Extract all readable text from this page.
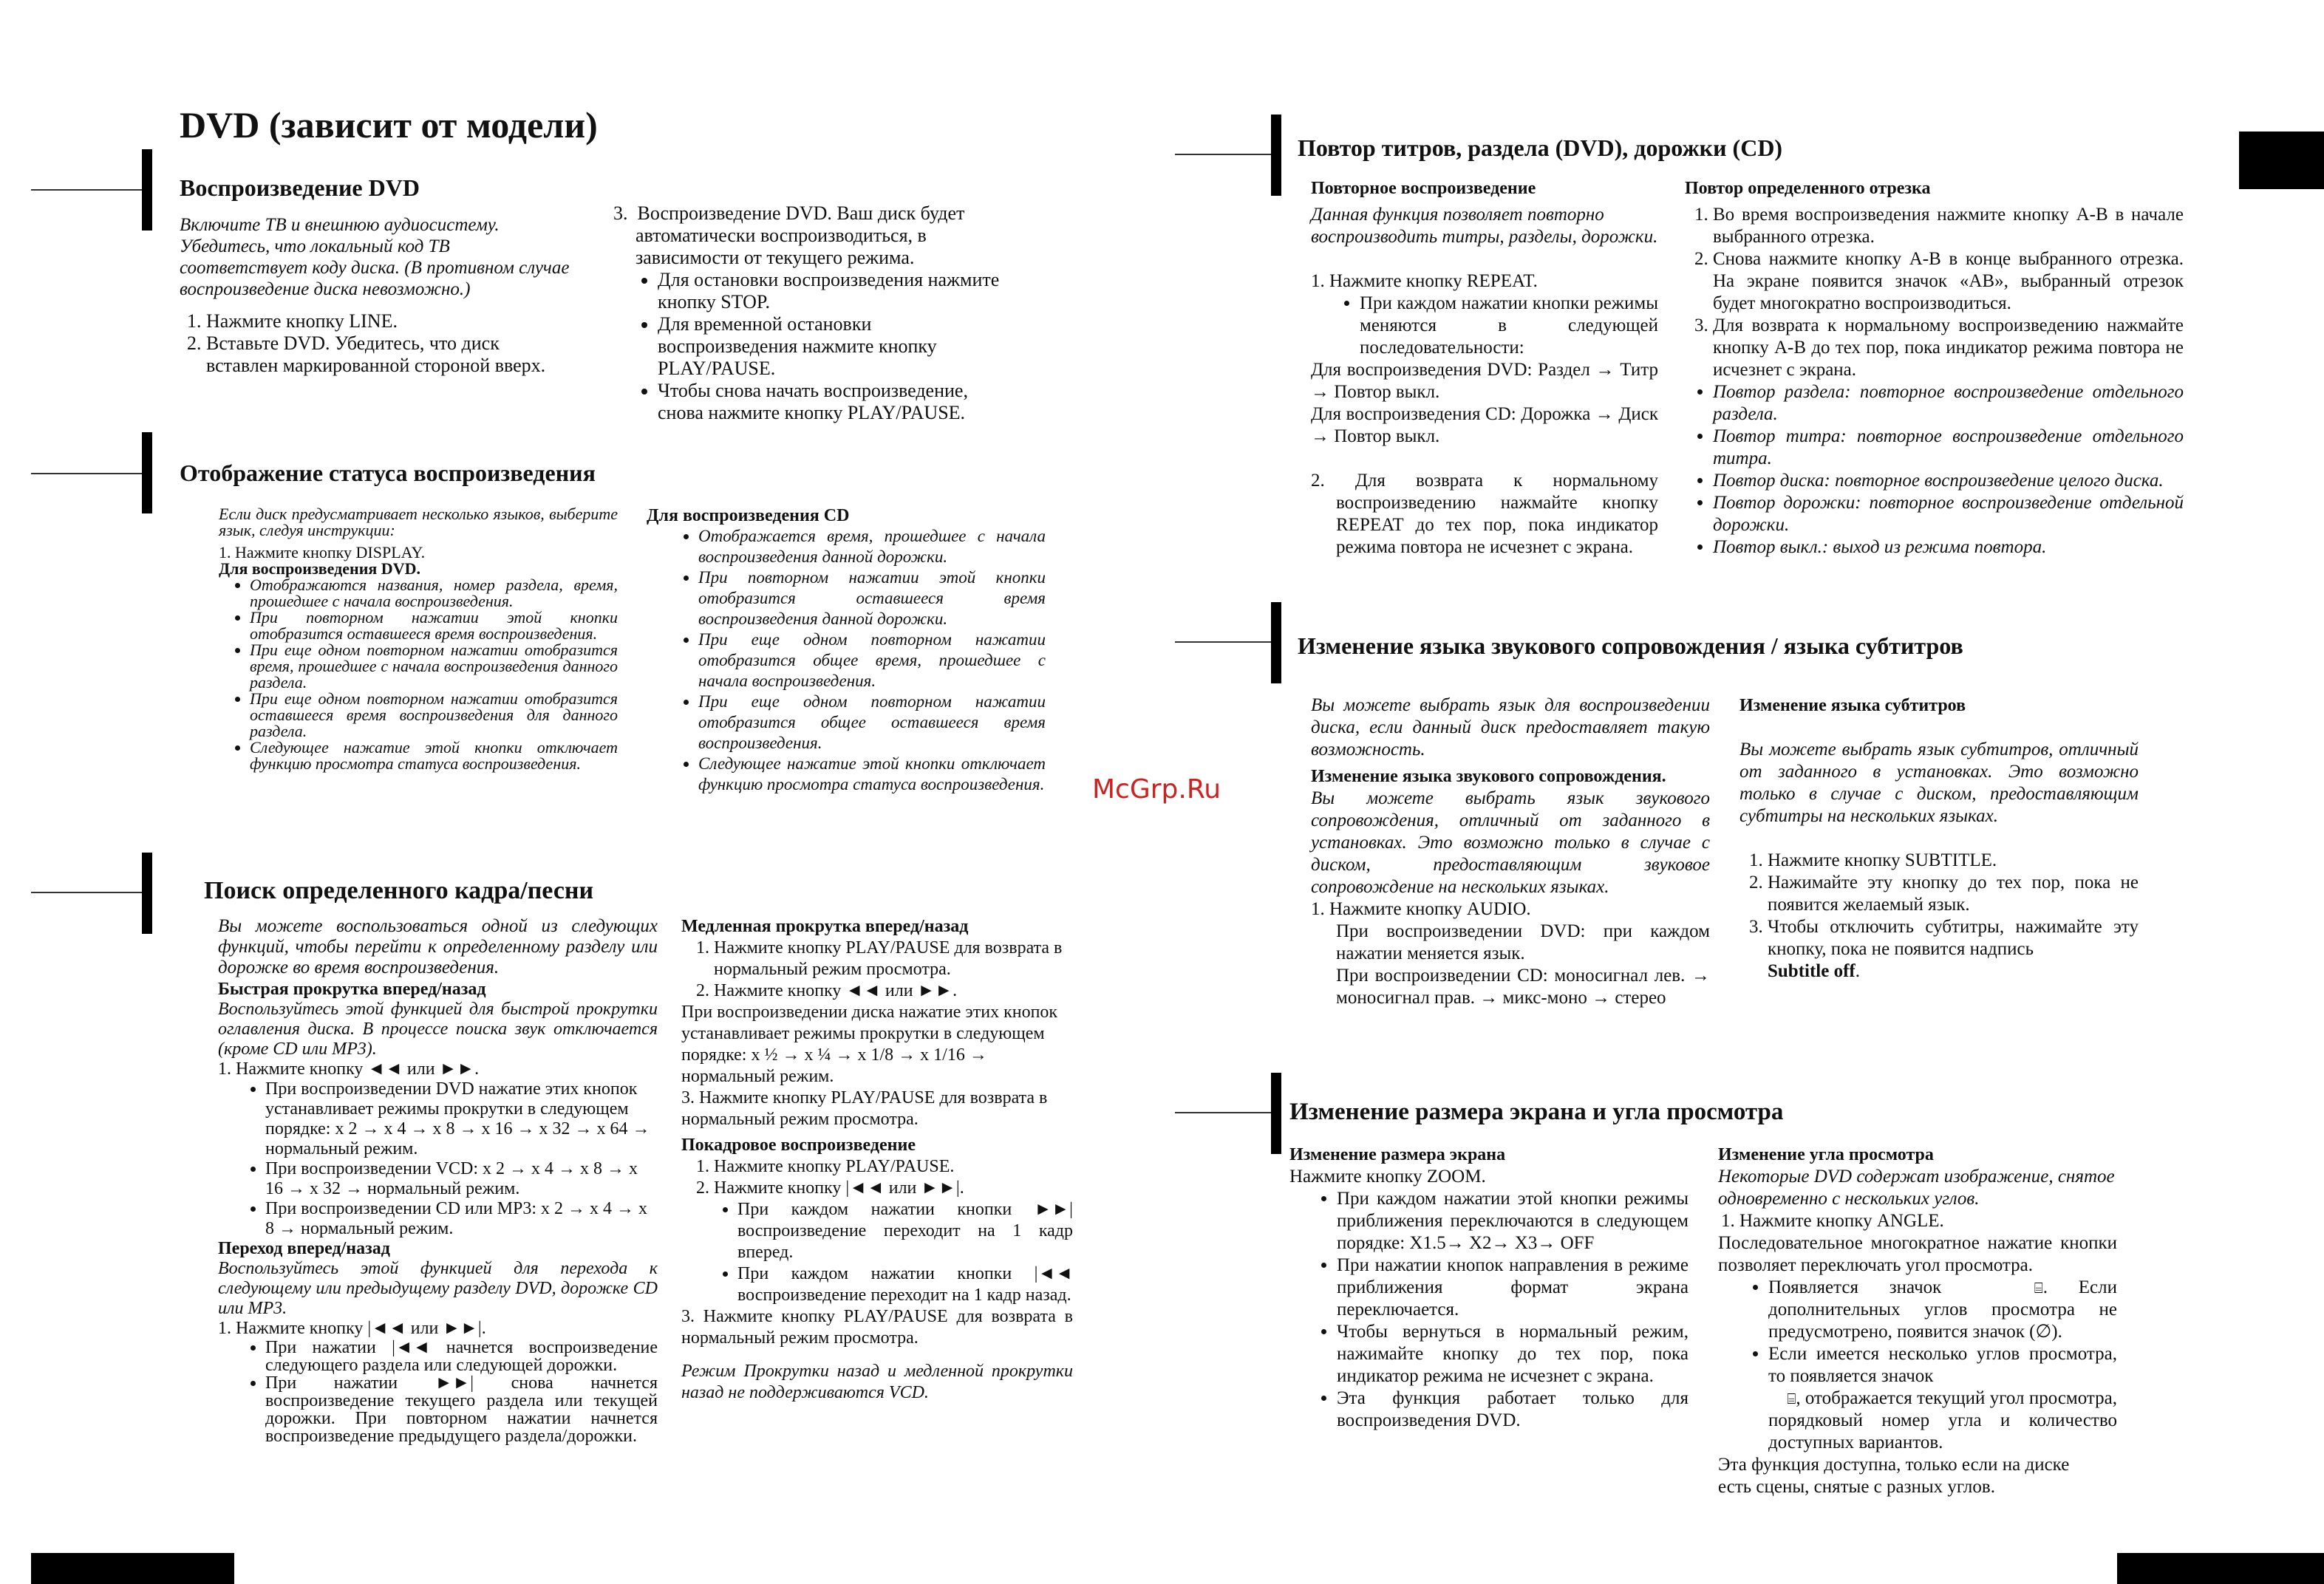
DVD (зависит от модели)
Воспроизведение DVD

Включите ТВ и внешнюю аудиосистему. Убедитесь, что локальный код ТВ соответствует коду диска. (В противном случае воспроизведение диска невозможно.)

1. Нажмите кнопку LINE.
2. Вставьте DVD. Убедитесь, что диск вставлен маркированной стороной вверх.

3.  Воспроизведение DVD. Ваш диск будет автоматически воспроизводиться, в зависимости от текущего режима.

• Для остановки воспроизведения нажмите кнопку STOP.
• Для временной остановки воспроизведения нажмите кнопку PLAY/PAUSE.
• Чтобы снова начать воспроизведение, снова нажмите кнопку PLAY/PAUSE.
Отображение статуса воспроизведения

Если диск предусматривает несколько языков, выберите язык, следуя инструкции:

1. Нажмите кнопку DISPLAY.

Для воспроизведения DVD.

• Отображаются названия, номер раздела, время, прошедшее с начала воспроизведения.
• При повторном нажатии этой кнопки отобразится оставшееся время воспроизведения.
• При еще одном повторном нажатии отобразится время, прошедшее с начала воспроизведения данного раздела.
• При еще одном повторном нажатии отобразится оставшееся время воспроизведения для данного раздела.
• Следующее нажатие этой кнопки отключает функцию просмотра статуса воспроизведения.

Для воспроизведения CD

• Отображается время, прошедшее с начала воспроизведения данной дорожки.
• При повторном нажатии этой кнопки отобразится оставшееся время воспроизведения данной дорожки.
• При еще одном повторном нажатии отобразится общее время, прошедшее с начала воспроизведения.
• При еще одном повторном нажатии отобразится общее оставшееся время воспроизведения.
• Следующее нажатие этой кнопки отключает функцию просмотра статуса воспроизведения.
Поиск определенного кадра/песни

Вы можете воспользоваться одной из следующих функций, чтобы перейти к определенному разделу или дорожке во время воспроизведения.

Быстрая прокрутка вперед/назад

Воспользуйтесь этой функцией для быстрой прокрутки оглавления диска. В процессе поиска звук отключается (кроме CD или MP3).

1. Нажмите кнопку ◄◄ или ►►.

• При воспроизведении DVD нажатие этих кнопок устанавливает режимы прокрутки в следующем порядке: x 2 → x 4 → x 8 → x 16 → x 32 → x 64 → нормальный режим.
• При воспроизведении VCD: x 2 → x 4 → x 8 → x 16 → x 32 → нормальный режим.
• При воспроизведении CD или MP3: x 2 → x 4 → x 8 → нормальный режим.

Переход вперед/назад

Воспользуйтесь этой функцией для перехода к следующему или предыдущему разделу DVD, дорожке CD или MP3.

1. Нажмите кнопку |◄◄ или ►►|.

• При нажатии |◄◄ начнется воспроизведение следующего раздела или следующей дорожки.
• При нажатии ►►| снова начнется воспроизведение текущего раздела или текущей дорожки. При повторном нажатии начнется воспроизведение предыдущего раздела/дорожки.

Медленная прокрутка вперед/назад

1. Нажмите кнопку PLAY/PAUSE для возврата в нормальный режим просмотра.
2. Нажмите кнопку ◄◄ или ►►.

При воспроизведении диска нажатие этих кнопок устанавливает режимы прокрутки в следующем порядке: x ½ → x ¼ → x 1/8 → x 1/16 → нормальный режим.

3. Нажмите кнопку PLAY/PAUSE для возврата в нормальный режим просмотра.

Покадровое воспроизведение

1. Нажмите кнопку PLAY/PAUSE.
2. Нажмите кнопку |◄◄ или ►►|.
• При каждом нажатии кнопки ►►| воспроизведение переходит на 1 кадр вперед.
• При каждом нажатии кнопки |◄◄ воспроизведение переходит на 1 кадр назад.

3. Нажмите кнопку PLAY/PAUSE для возврата в нормальный режим просмотра.

Режим Прокрутки назад и медленной прокрутки назад не поддерживаются VCD.

McGrp.Ru
Повтор титров, раздела (DVD), дорожки (CD)

Повторное воспроизведение

Данная функция позволяет повторно воспроизводить титры, разделы, дорожки.

1. Нажмите кнопку REPEAT.

• При каждом нажатии кнопки режимы меняются в следующей последовательности:

Для воспроизведения DVD: Раздел → Титр → Повтор выкл.

Для воспроизведения CD: Дорожка → Диск → Повтор выкл.

2. Для возврата к нормальному воспроизведению нажмайте кнопку REPEAT до тех пор, пока индикатор режима повтора не исчезнет с экрана.

Повтор определенного отрезка

1. Во время воспроизведения нажмите кнопку A-B в начале выбранного отрезка.
2. Снова нажмите кнопку A-B в конце выбранного отрезка. На экране появится значок «AB», выбранный отрезок будет многократно воспроизводиться.
3. Для возврата к нормальному воспроизведению нажмайте кнопку A-B до тех пор, пока индикатор режима повтора не исчезнет с экрана.
• Повтор раздела: повторное воспроизведение отдельного раздела.
• Повтор титра: повторное воспроизведение отдельного титра.
• Повтор диска: повторное воспроизведение целого диска.
• Повтор дорожки: повторное воспроизведение отдельной дорожки.
• Повтор выкл.: выход из режима повтора.
Изменение языка звукового сопровождения / языка субтитров

Вы можете выбрать язык для воспроизведении диска, если данный диск предоставляет такую возможность.

Изменение языка звукового сопровождения.

Вы можете выбрать язык звукового сопровождения, отличный от заданного в установках. Это возможно только в случае с диском, предоставляющим звуковое сопровождение на нескольких языках.

1. Нажмите кнопку AUDIO.

При воспроизведении DVD: при каждом нажатии меняется язык.

При воспроизведении CD: моносигнал лев. → моносигнал прав. → микс-моно → стерео

Изменение языка субтитров

Вы можете выбрать язык субтитров, отличный от заданного в установках. Это возможно только в случае с диском, предоставляющим субтитры на нескольких языках.

1. Нажмите кнопку SUBTITLE.
2. Нажимайте эту кнопку до тех пор, пока не появится желаемый язык.
3. Чтобы отключить субтитры, нажимайте эту кнопку, пока не появится надпись
Subtitle off.
Изменение размера экрана и угла просмотра

Изменение размера экрана

Нажмите кнопку ZOOM.

• При каждом нажатии этой кнопки режимы приближения переключаются в следующем порядке: X1.5→ X2→ X3→ OFF
• При нажатии кнопок направления в режиме приближения формат экрана переключается.
• Чтобы вернуться в нормальный режим, нажимайте кнопку до тех пор, пока индикатор режима не исчезнет с экрана.
• Эта функция работает только для воспроизведения DVD.

Изменение угла просмотра

Некоторые DVD содержат изображение, снятое одновременно с нескольких углов.

1. Нажмите кнопку ANGLE.

Последовательное многократное нажатие кнопки позволяет переключать угол просмотра.

• Появляется значок	⌸. Если дополнительных углов просмотра не предусмотрено, появится значок (∅).
• Если имеется несколько углов просмотра, то появляется значок
⌸, отображается текущий угол просмотра, порядковый номер угла и количество доступных вариантов.

Эта функция доступна, только если на диске есть сцены, снятые с разных углов.
